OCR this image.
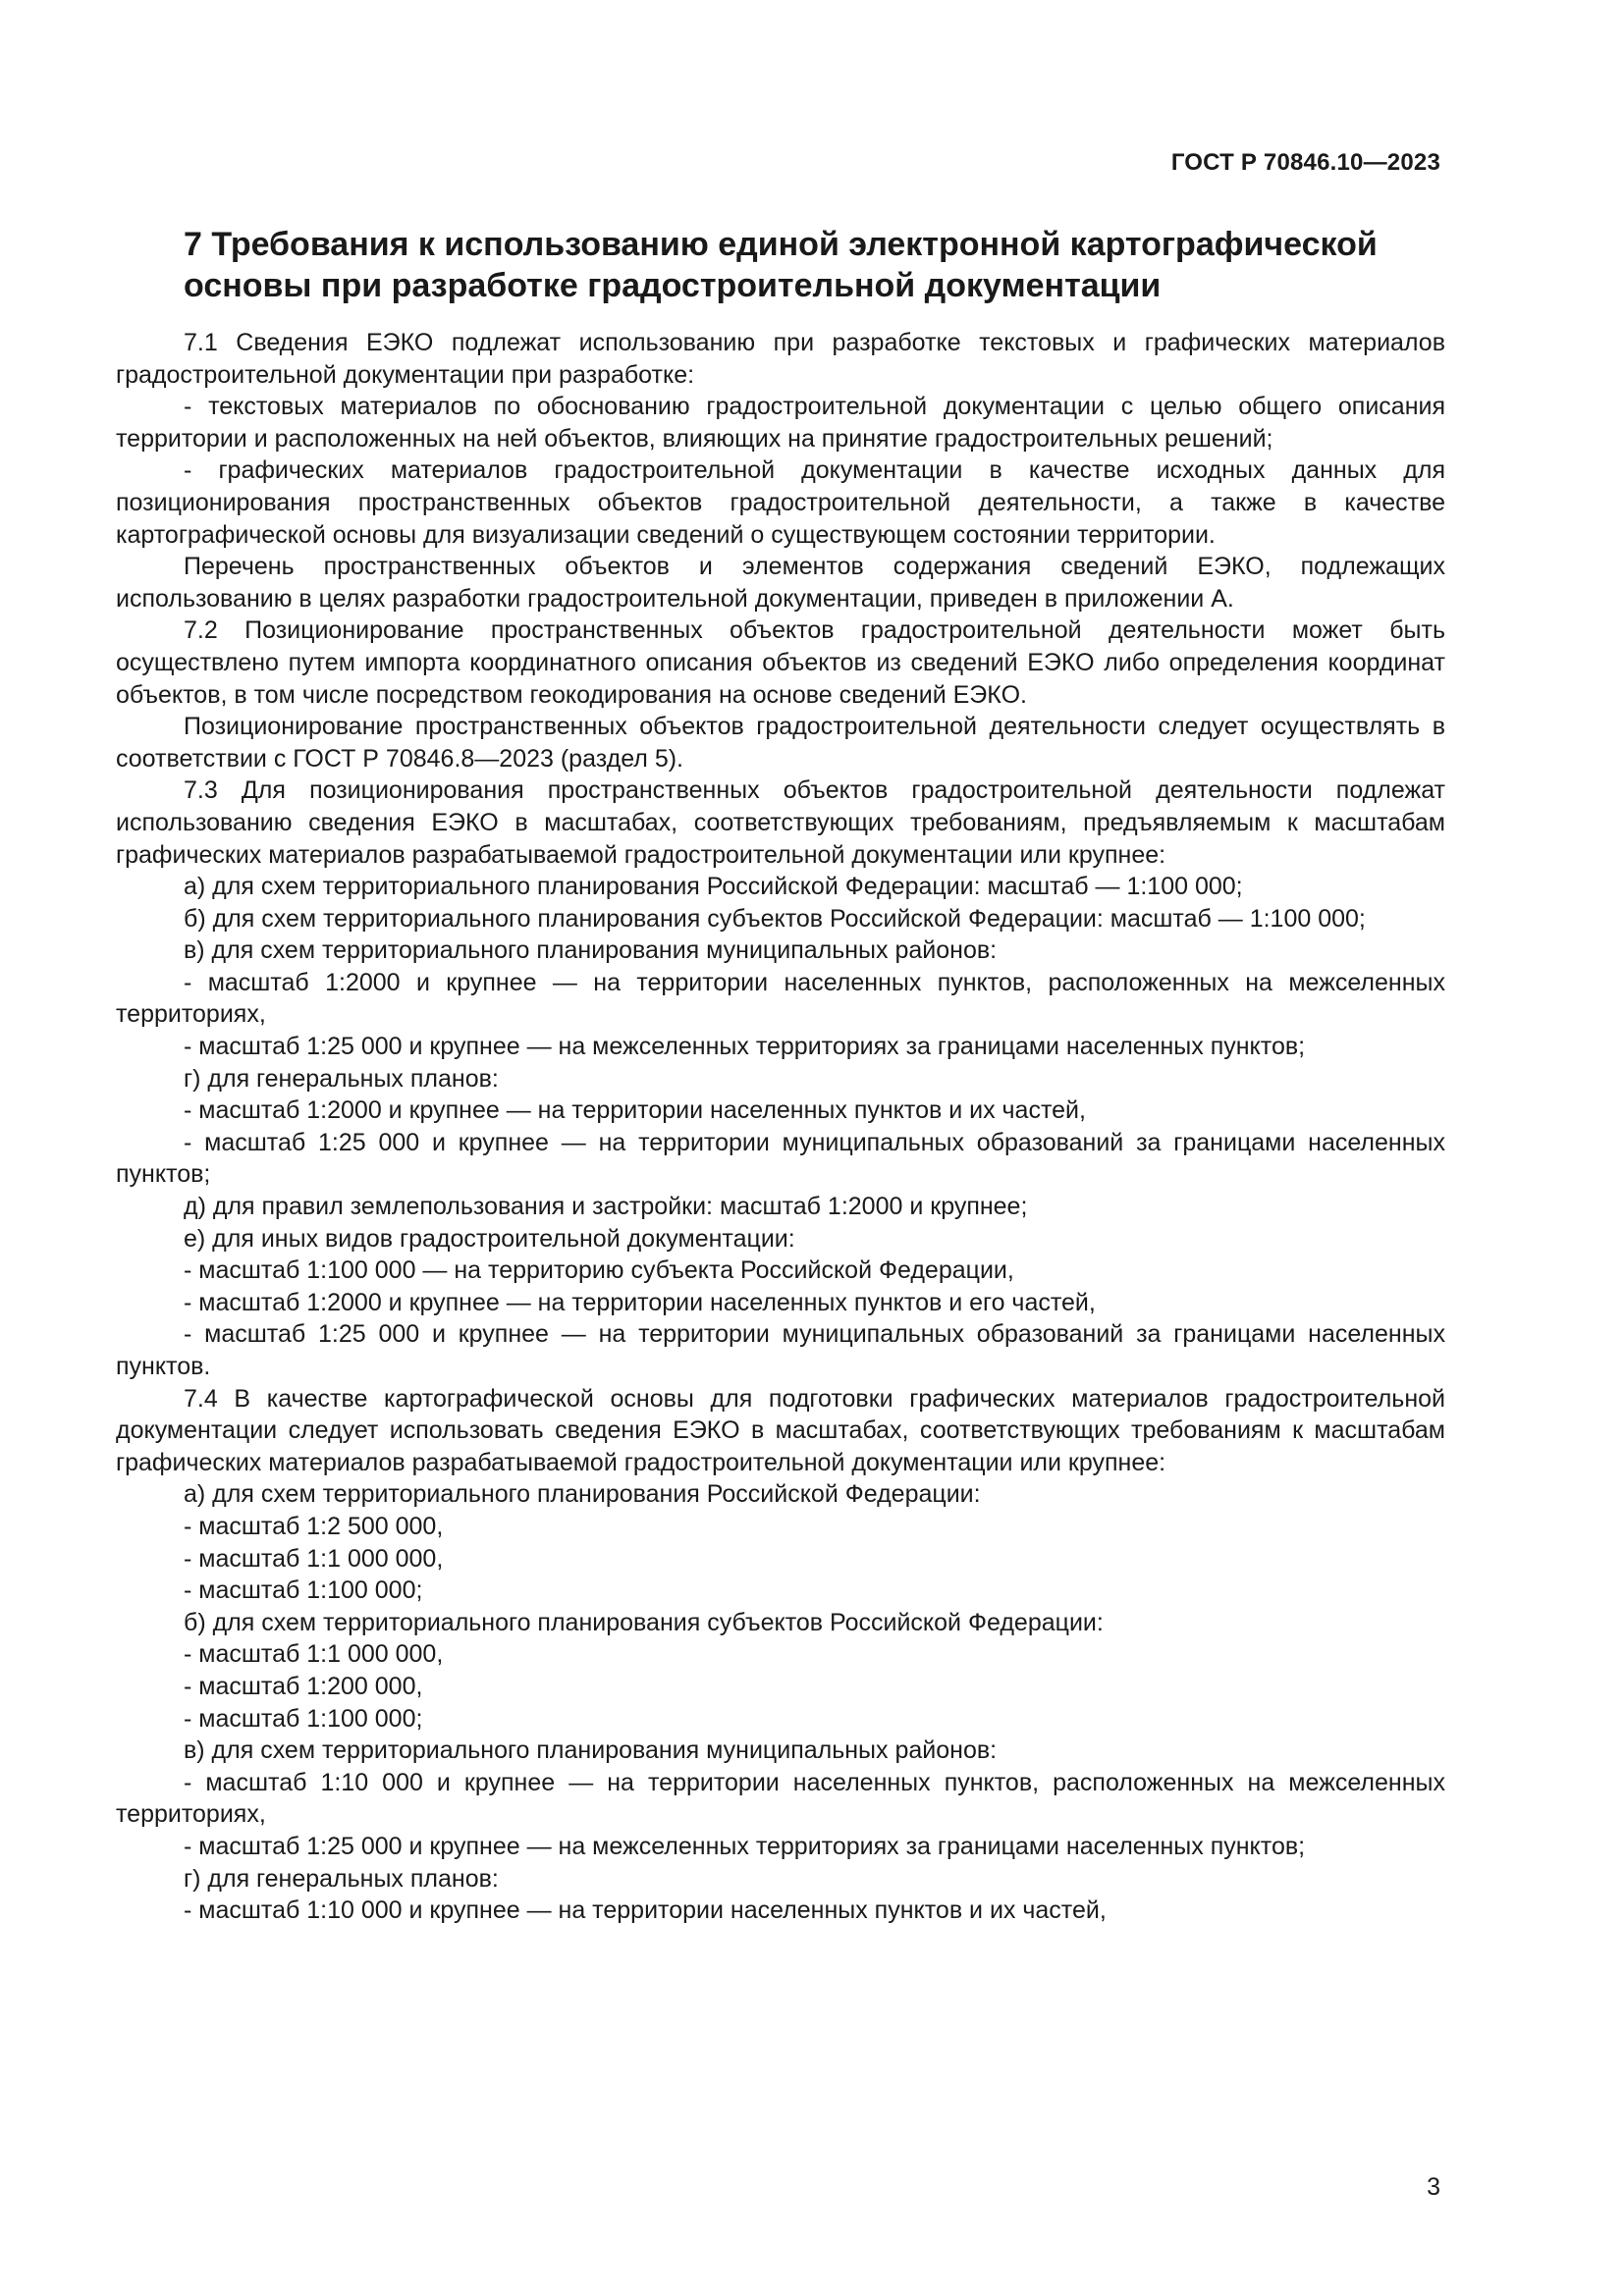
ГОСТ Р 70846.10—2023
7 Требования к использованию единой электронной картографической основы при разработке градостроительной документации

7.1 Сведения ЕЭКО подлежат использованию при разработке текстовых и графических материалов градостроительной документации при разработке:

- текстовых материалов по обоснованию градостроительной документации с целью общего описания территории и расположенных на ней объектов, влияющих на принятие градостроительных решений;

- графических материалов градостроительной документации в качестве исходных данных для позиционирования пространственных объектов градостроительной деятельности, а также в качестве картографической основы для визуализации сведений о существующем состоянии территории.

Перечень пространственных объектов и элементов содержания сведений ЕЭКО, подлежащих использованию в целях разработки градостроительной документации, приведен в приложении А.

7.2 Позиционирование пространственных объектов градостроительной деятельности может быть осуществлено путем импорта координатного описания объектов из сведений ЕЭКО либо определения координат объектов, в том числе посредством геокодирования на основе сведений ЕЭКО.

Позиционирование пространственных объектов градостроительной деятельности следует осуществлять в соответствии с ГОСТ Р 70846.8—2023 (раздел 5).

7.3 Для позиционирования пространственных объектов градостроительной деятельности подлежат использованию сведения ЕЭКО в масштабах, соответствующих требованиям, предъявляемым к масштабам графических материалов разрабатываемой градостроительной документации или крупнее:

а) для схем территориального планирования Российской Федерации: масштаб — 1:100 000;

б) для схем территориального планирования субъектов Российской Федерации: масштаб — 1:100 000;

в) для схем территориального планирования муниципальных районов:

- масштаб 1:2000 и крупнее — на территории населенных пунктов, расположенных на межселенных территориях,

- масштаб 1:25 000 и крупнее — на межселенных территориях за границами населенных пунктов;

г) для генеральных планов:

- масштаб 1:2000 и крупнее — на территории населенных пунктов и их частей,

- масштаб 1:25 000 и крупнее — на территории муниципальных образований за границами населенных пунктов;

д) для правил землепользования и застройки: масштаб 1:2000 и крупнее;

е) для иных видов градостроительной документации:

- масштаб 1:100 000 — на территорию субъекта Российской Федерации,

- масштаб 1:2000 и крупнее — на территории населенных пунктов и его частей,

- масштаб 1:25 000 и крупнее — на территории муниципальных образований за границами населенных пунктов.

7.4 В качестве картографической основы для подготовки графических материалов градостроительной документации следует использовать сведения ЕЭКО в масштабах, соответствующих требованиям к масштабам графических материалов разрабатываемой градостроительной документации или крупнее:

а) для схем территориального планирования Российской Федерации:

- масштаб 1:2 500 000,

- масштаб 1:1 000 000,

- масштаб 1:100 000;

б) для схем территориального планирования субъектов Российской Федерации:

- масштаб 1:1 000 000,

- масштаб 1:200 000,

- масштаб 1:100 000;

в) для схем территориального планирования муниципальных районов:

- масштаб 1:10 000 и крупнее — на территории населенных пунктов, расположенных на межселенных территориях,

- масштаб 1:25 000 и крупнее — на межселенных территориях за границами населенных пунктов;

г) для генеральных планов:

- масштаб 1:10 000 и крупнее — на территории населенных пунктов и их частей,

3
